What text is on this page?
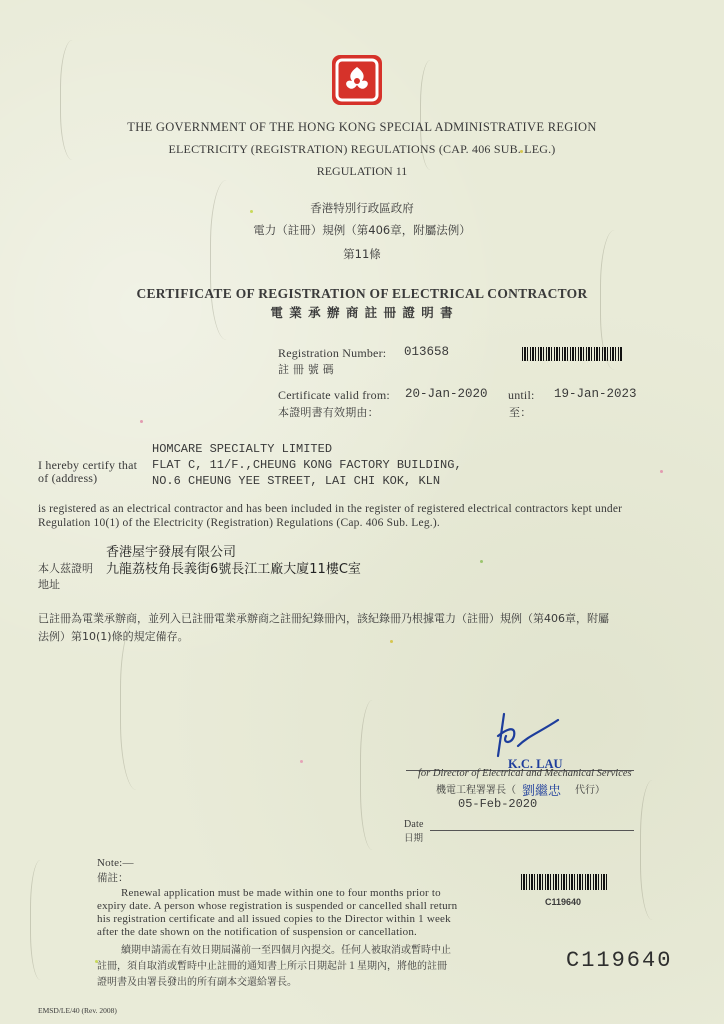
THE GOVERNMENT OF THE HONG KONG SPECIAL ADMINISTRATIVE REGION
ELECTRICITY (REGISTRATION) REGULATIONS (CAP. 406 SUB. LEG.)
REGULATION 11
香港特別行政區政府
電力（註冊）規例（第406章，附屬法例）
第11條
CERTIFICATE OF REGISTRATION OF ELECTRICAL CONTRACTOR
電 業 承 辦 商 註 冊 證 明 書
Registration Number:
註 冊 號 碼
013658
Certificate valid from:
本證明書有效期由：
20-Jan-2020 until:
至：
19-Jan-2023
I hereby certify that
of (address)
HOMCARE SPECIALTY LIMITED
FLAT C, 11/F.,CHEUNG KONG FACTORY BUILDING,
NO.6 CHEUNG YEE STREET, LAI CHI KOK, KLN
is registered as an electrical contractor and has been included in the register of registered electrical contractors kept under
Regulation 10(1) of the Electricity (Registration) Regulations (Cap. 406 Sub. Leg.).
本人茲證明
地址
香港屋宇發展有限公司
九龍荔枝角長義街6號長江工廠大廈11樓C室
已註冊為電業承辦商，並列入已註冊電業承辦商之註冊紀錄冊內，該紀錄冊乃根據電力（註冊）規例（第406章，附屬
法例）第10(1)條的規定備存。
K.C. LAU
for Director of Electrical and Mechanical Services
機電工程署署長（ 劉繼忠 代行）
05-Feb-2020
Date
日期
Note:—
備註：
Renewal application must be made within one to four months prior to
expiry date. A person whose registration is suspended or cancelled shall return
his registration certificate and all issued copies to the Director within 1 week
after the date shown on the notification of suspension or cancellation.
續期申請需在有效日期屆滿前一至四個月內提交。任何人被取消或暫時中止
註冊，須自取消或暫時中止註冊的通知書上所示日期起計１星期內，將他的註冊
證明書及由署長發出的所有副本交還給署長。
C119640
C119640
EMSD/LE/40 (Rev. 2008)
